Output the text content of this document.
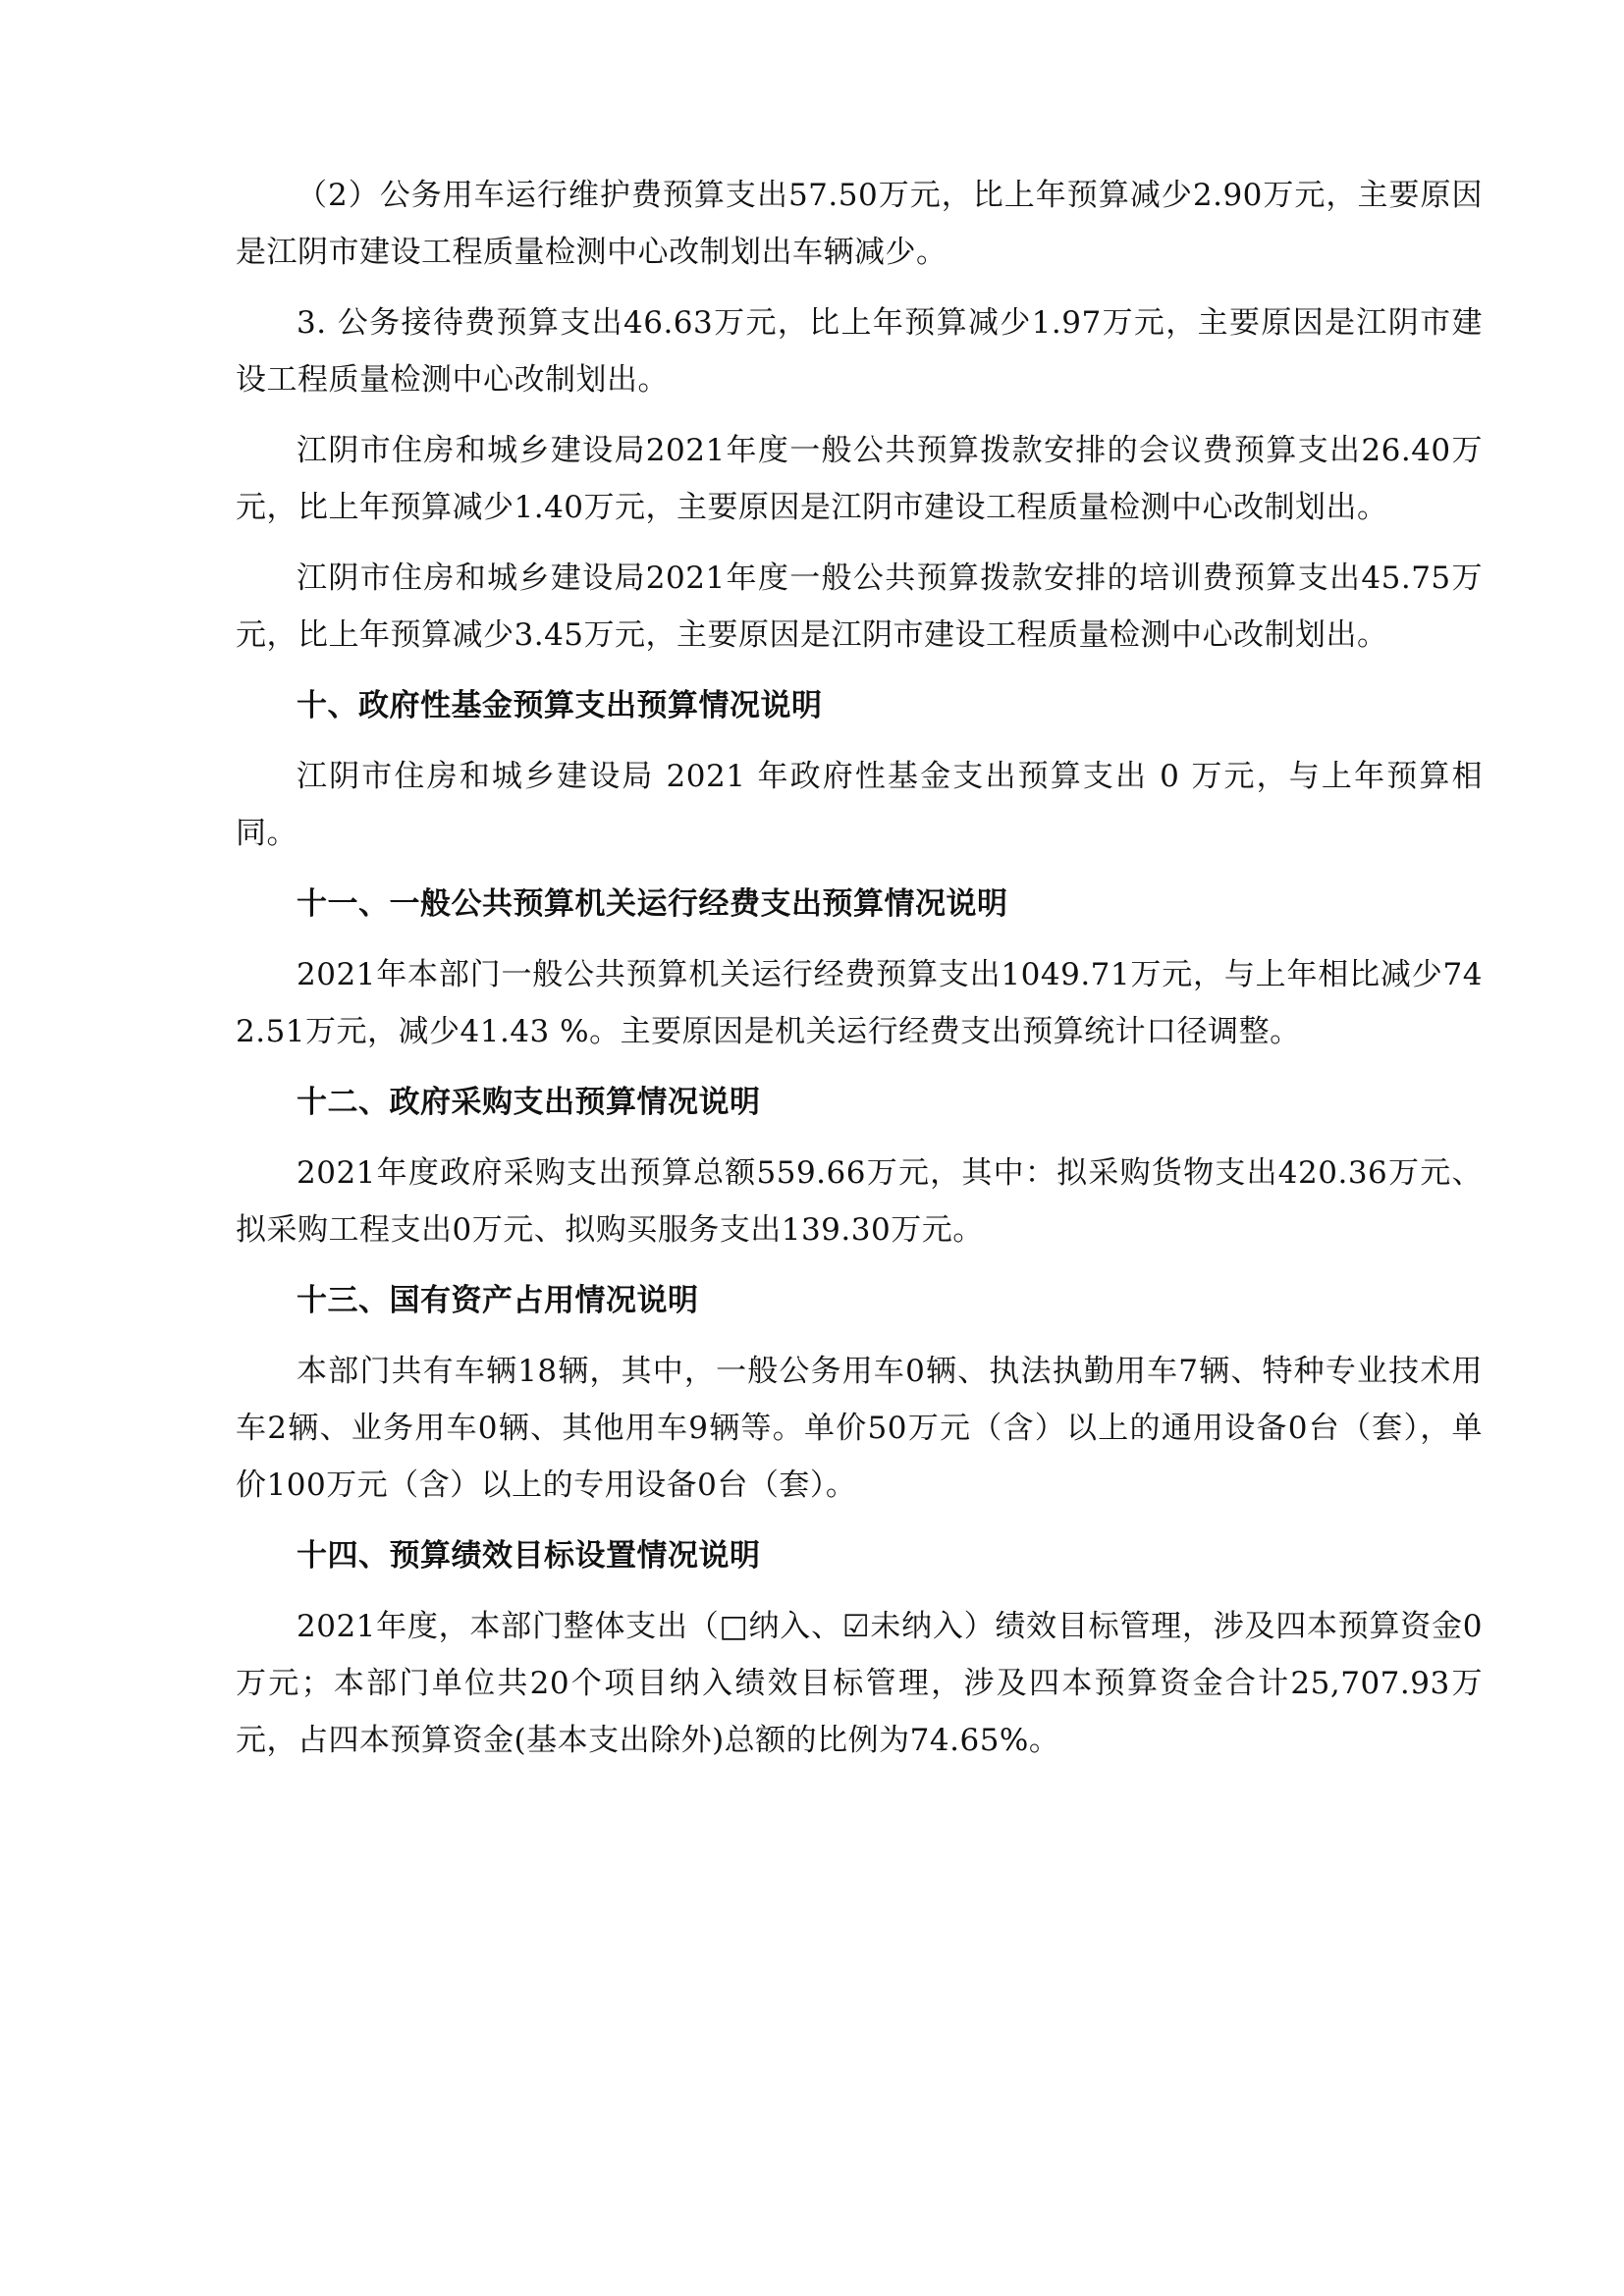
（2）公务用车运行维护费预算支出57.50万元，比上年预算减少2.90万元，主要原因是江阴市建设工程质量检测中心改制划出车辆减少。

3. 公务接待费预算支出46.63万元，比上年预算减少1.97万元，主要原因是江阴市建设工程质量检测中心改制划出。

江阴市住房和城乡建设局2021年度一般公共预算拨款安排的会议费预算支出26.40万元，比上年预算减少1.40万元，主要原因是江阴市建设工程质量检测中心改制划出。

江阴市住房和城乡建设局2021年度一般公共预算拨款安排的培训费预算支出45.75万元，比上年预算减少3.45万元，主要原因是江阴市建设工程质量检测中心改制划出。

十、政府性基金预算支出预算情况说明

江阴市住房和城乡建设局 2021 年政府性基金支出预算支出 0 万元，与上年预算相同。

十一、一般公共预算机关运行经费支出预算情况说明

2021年本部门一般公共预算机关运行经费预算支出1049.71万元，与上年相比减少742.51万元，减少41.43 %。主要原因是机关运行经费支出预算统计口径调整。

十二、政府采购支出预算情况说明

2021年度政府采购支出预算总额559.66万元，其中：拟采购货物支出420.36万元、拟采购工程支出0万元、拟购买服务支出139.30万元。

十三、国有资产占用情况说明

本部门共有车辆18辆，其中，一般公务用车0辆、执法执勤用车7辆、特种专业技术用车2辆、业务用车0辆、其他用车9辆等。单价50万元（含）以上的通用设备0台（套），单价100万元（含）以上的专用设备0台（套）。

十四、预算绩效目标设置情况说明

2021年度，本部门整体支出（□纳入、☑未纳入）绩效目标管理，涉及四本预算资金0万元；本部门单位共20个项目纳入绩效目标管理，涉及四本预算资金合计25,707.93万元，占四本预算资金(基本支出除外)总额的比例为74.65%。
